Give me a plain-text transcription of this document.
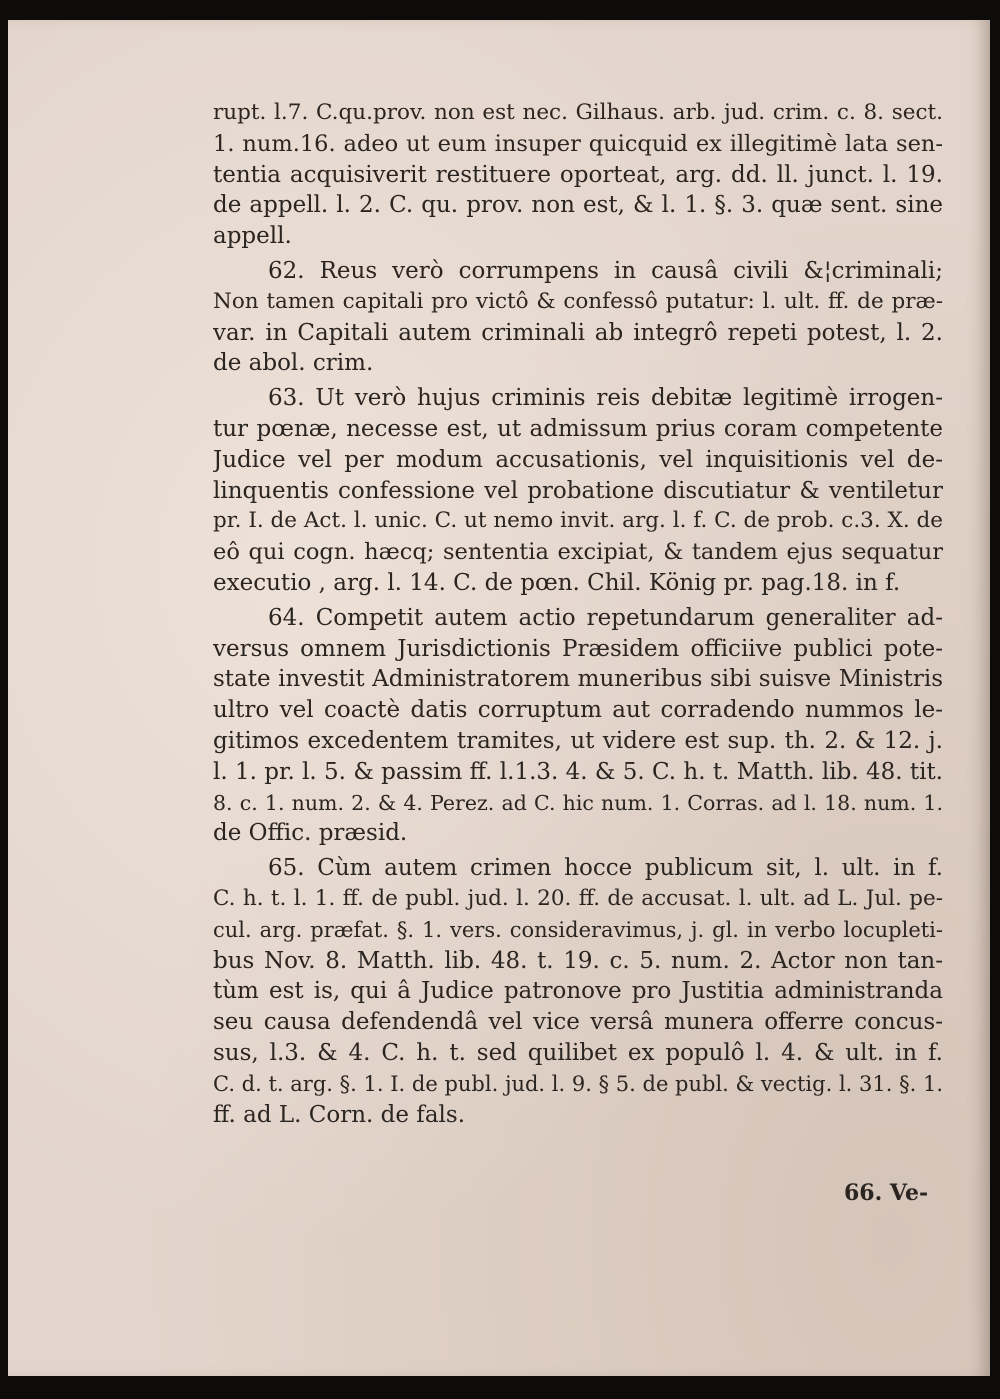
rupt. l.7. C.qu.prov. non est nec. Gilhaus. arb. jud. crim. c. 8. sect.
1. num.16. adeo ut eum insuper quicquid ex illegitimè lata sen-
tentia acquisiverit restituere oporteat, arg. dd. ll. junct. l. 19.
de appell. l. 2. C. qu. prov. non est, & l. 1. §. 3. quæ sent. sine
appell.

62. Reus verò corrumpens in causâ civili &¦criminali;
Non tamen capitali pro victô & confessô putatur: l. ult. ff. de præ-
var. in Capitali autem criminali ab integrô repeti potest, l. 2.
de abol. crim.

63. Ut verò hujus criminis reis debitæ legitimè irrogen-
tur pœnæ, necesse est, ut admissum prius coram competente
Judice vel per modum accusationis, vel inquisitionis vel de-
linquentis confessione vel probatione discutiatur & ventiletur
pr. I. de Act. l. unic. C. ut nemo invit. arg. l. f. C. de prob. c.3. X. de
eô qui cogn. hæcq; sententia excipiat, & tandem ejus sequatur
executio , arg. l. 14. C. de pœn. Chil. König pr. pag.18. in f.

64. Competit autem actio repetundarum generaliter ad-
versus omnem Jurisdictionis Præsidem officiive publici pote-
state investit Administratorem muneribus sibi suisve Ministris
ultro vel coactè datis corruptum aut corradendo nummos le-
gitimos excedentem tramites, ut videre est sup. th. 2. & 12. j.
l. 1. pr. l. 5. & passim ff. l.1.3. 4. & 5. C. h. t. Matth. lib. 48. tit.
8. c. 1. num. 2. & 4. Perez. ad C. hic num. 1. Corras. ad l. 18. num. 1.
de Offic. præsid.

65. Cùm autem crimen hocce publicum sit, l. ult. in f.
C. h. t. l. 1. ff. de publ. jud. l. 20. ff. de accusat. l. ult. ad L. Jul. pe-
cul. arg. præfat. §. 1. vers. consideravimus, j. gl. in verbo locupleti-
bus Nov. 8. Matth. lib. 48. t. 19. c. 5. num. 2. Actor non tan-
tùm est is, qui â Judice patronove pro Justitia administranda
seu causa defendendâ vel vice versâ munera offerre concus-
sus, l.3. & 4. C. h. t. sed quilibet ex populô l. 4. & ult. in f.
C. d. t. arg. §. 1. I. de publ. jud. l. 9. § 5. de publ. & vectig. l. 31. §. 1.
ff. ad L. Corn. de fals.

66. Ve-
